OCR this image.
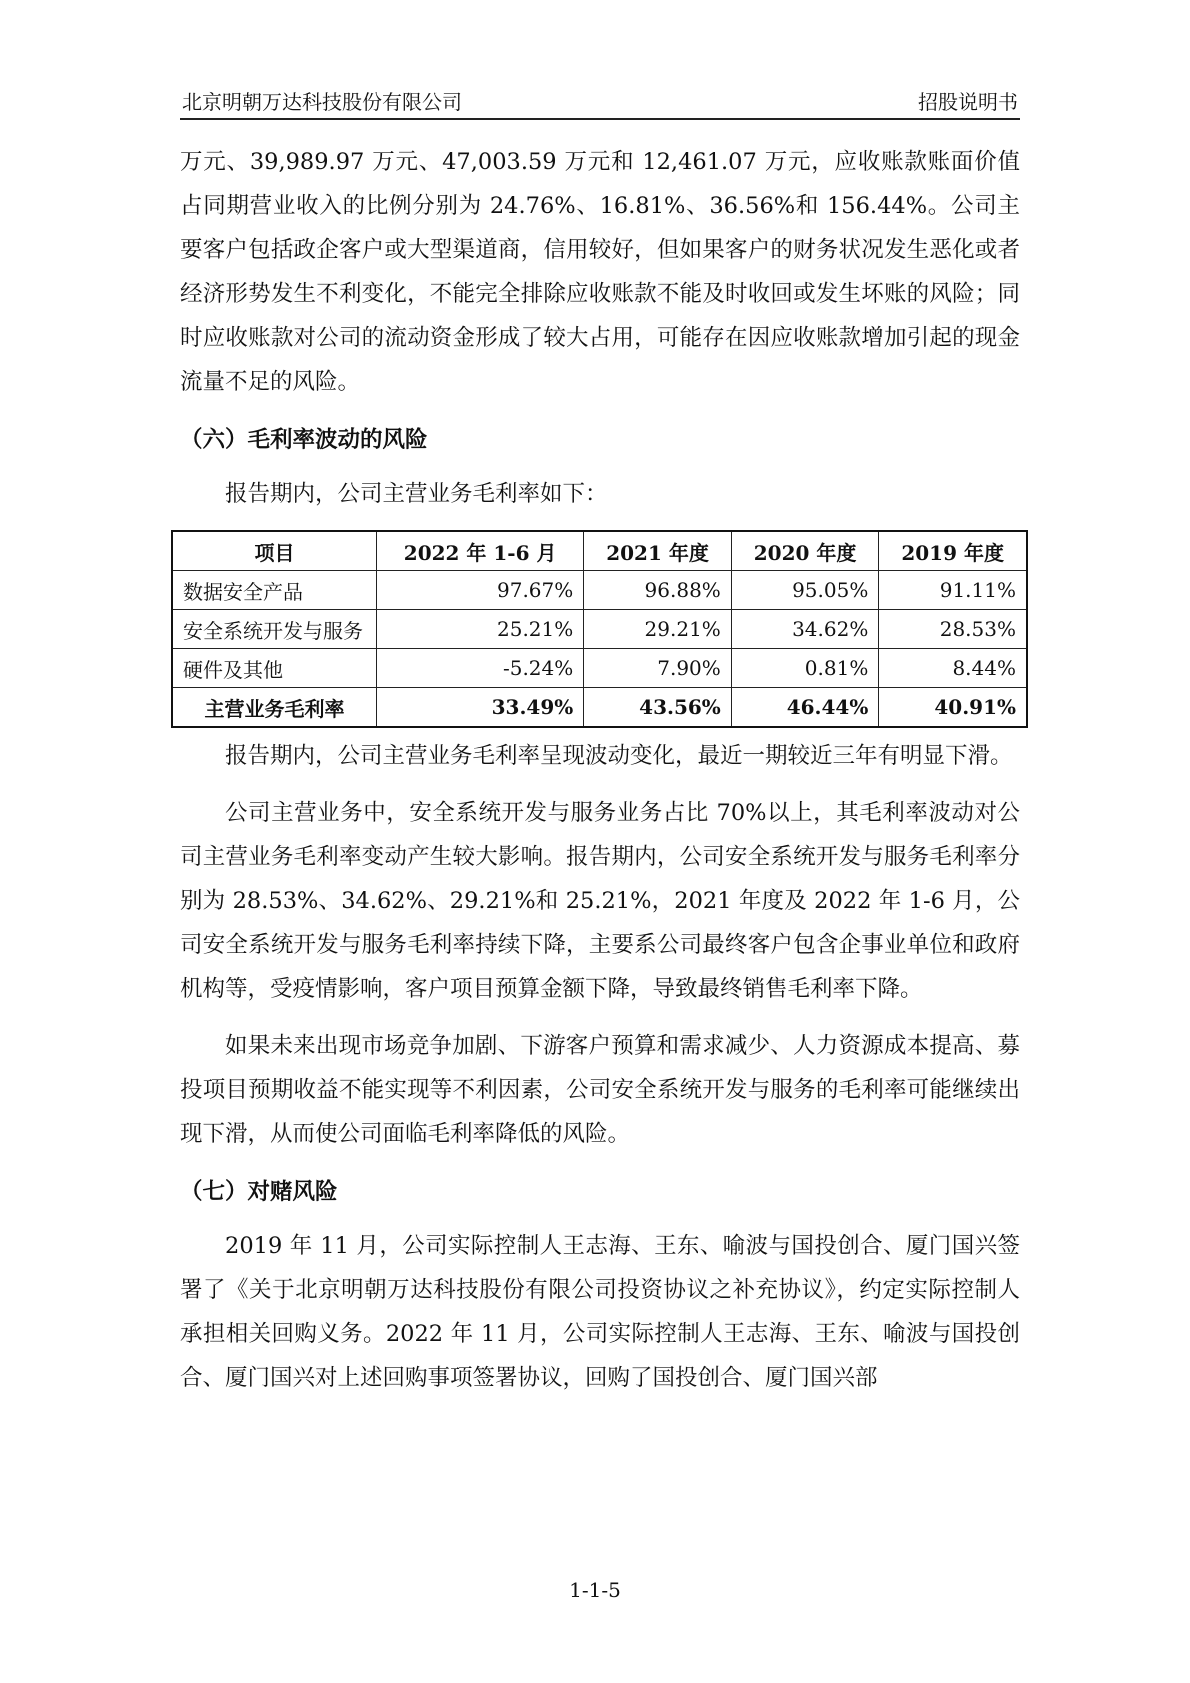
北京明朝万达科技股份有限公司	招股说明书

万元、39,989.97 万元、47,003.59 万元和 12,461.07 万元，应收账款账面价值占同期营业收入的比例分别为 24.76%、16.81%、36.56%和 156.44%。公司主要客户包括政企客户或大型渠道商，信用较好，但如果客户的财务状况发生恶化或者经济形势发生不利变化，不能完全排除应收账款不能及时收回或发生坏账的风险；同时应收账款对公司的流动资金形成了较大占用，可能存在因应收账款增加引起的现金流量不足的风险。

（六）毛利率波动的风险

报告期内，公司主营业务毛利率如下：

项目	2022 年 1-6 月	2021 年度	2020 年度	2019 年度
数据安全产品	97.67%	96.88%	95.05%	91.11%
安全系统开发与服务	25.21%	29.21%	34.62%	28.53%
硬件及其他	-5.24%	7.90%	0.81%	8.44%
主营业务毛利率	33.49%	43.56%	46.44%	40.91%

报告期内，公司主营业务毛利率呈现波动变化，最近一期较近三年有明显下滑。

公司主营业务中，安全系统开发与服务业务占比 70%以上，其毛利率波动对公司主营业务毛利率变动产生较大影响。报告期内，公司安全系统开发与服务毛利率分别为 28.53%、34.62%、29.21%和 25.21%，2021 年度及 2022 年 1-6 月，公司安全系统开发与服务毛利率持续下降，主要系公司最终客户包含企事业单位和政府机构等，受疫情影响，客户项目预算金额下降，导致最终销售毛利率下降。

如果未来出现市场竞争加剧、下游客户预算和需求减少、人力资源成本提高、募投项目预期收益不能实现等不利因素，公司安全系统开发与服务的毛利率可能继续出现下滑，从而使公司面临毛利率降低的风险。

（七）对赌风险

2019 年 11 月，公司实际控制人王志海、王东、喻波与国投创合、厦门国兴签署了《关于北京明朝万达科技股份有限公司投资协议之补充协议》，约定实际控制人承担相关回购义务。2022 年 11 月，公司实际控制人王志海、王东、喻波与国投创合、厦门国兴对上述回购事项签署协议，回购了国投创合、厦门国兴部

1-1-5
